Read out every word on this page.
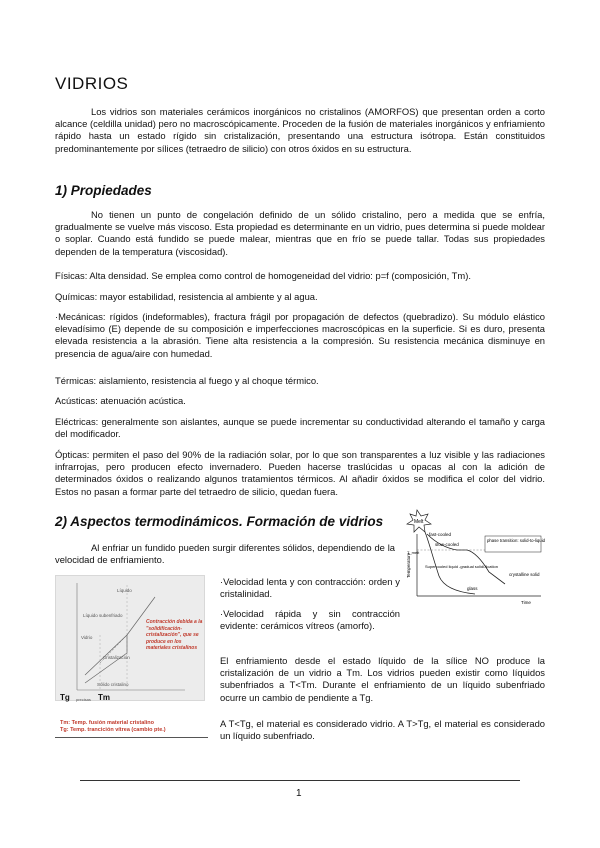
VIDRIOS

Los vidrios son materiales cerámicos inorgánicos no cristalinos (AMORFOS) que presentan orden a corto alcance (celdilla unidad) pero no macroscópicamente. Proceden de la fusión de materiales inorgánicos y enfriamiento rápido hasta un estado rígido sin cristalización, presentando una estructura isótropa. Están constituidos predominantemente por sílices (tetraedro de silicio) con otros óxidos en su estructura.

1) Propiedades

No tienen un punto de congelación definido de un sólido cristalino, pero a medida que se enfría, gradualmente se vuelve más viscoso. Esta propiedad es determinante en un vidrio, pues determina si puede moldear o soplar. Cuando está fundido se puede malear, mientras que en frío se puede tallar. Todas sus propiedades dependen de la temperatura (viscosidad).

Físicas: Alta densidad. Se emplea como control de homogeneidad del vidrio: p=f (composición, Tm).

Químicas: mayor estabilidad, resistencia al ambiente y al agua.

·Mecánicas: rígidos (indeformables), fractura frágil por propagación de defectos (quebradizo). Su módulo elástico elevadísimo (E) depende de su composición e imperfecciones macroscópicas en la superficie. Si es duro, presenta elevada resistencia a la abrasión. Tiene alta resistencia a la compresión. Su resistencia mecánica disminuye en presencia de agua/aire con humedad.

Térmicas: aislamiento, resistencia al fuego y al choque térmico.

Acústicas: atenuación acústica.

Eléctricas: generalmente son aislantes, aunque se puede incrementar su conductividad alterando el tamaño y carga del modificador.

Ópticas: permiten el paso del 90% de la radiación solar, por lo que son transparentes a luz visible y las radiaciones infrarrojas, pero producen efecto invernadero. Pueden hacerse traslúcidas u opacas al con la adición de determinados óxidos o realizando algunos tratamientos térmicos. Al añadir óxidos se modifica el color del vidrio. Estos no pasan a formar parte del tetraedro de silicio, quedan fuera.

2) Aspectos termodinámicos. Formación de vidrios

Al enfriar un fundido pueden surgir diferentes sólidos, dependiendo de la velocidad de enfriamiento.

Melt
Temperature
T_melt
fast-cooled
slow-cooled
phase transition: solid-to-liquid
crystalline solid
Supercooled liquid -gradual solidi-fication
glass
Time
Líquido
Líquido subenfriado
Vidrio
Cristalización
Sólido cristalino
Contracción debida a la "solidificación-cristalización", que se produce en los materiales cristalinos
Tg precisas Tm
Tm: Temp. fusión material cristalino
Tg: Temp. trancición vítrea (cambio pte.)

·Velocidad lenta y con contracción: orden y cristalinidad.

·Velocidad rápida y sin contracción evidente: cerámicos vítreos (amorfo).

El enfriamiento desde el estado líquido de la sílice NO produce la cristalización de un vidrio a Tm. Los vidrios pueden existir como líquidos subenfriados a T<Tm. Durante el enfriamiento de un líquido subenfriado ocurre un cambio de pendiente a Tg.

A T<Tg, el material es considerado vidrio. A T>Tg, el material es considerado un líquido subenfriado.

1
